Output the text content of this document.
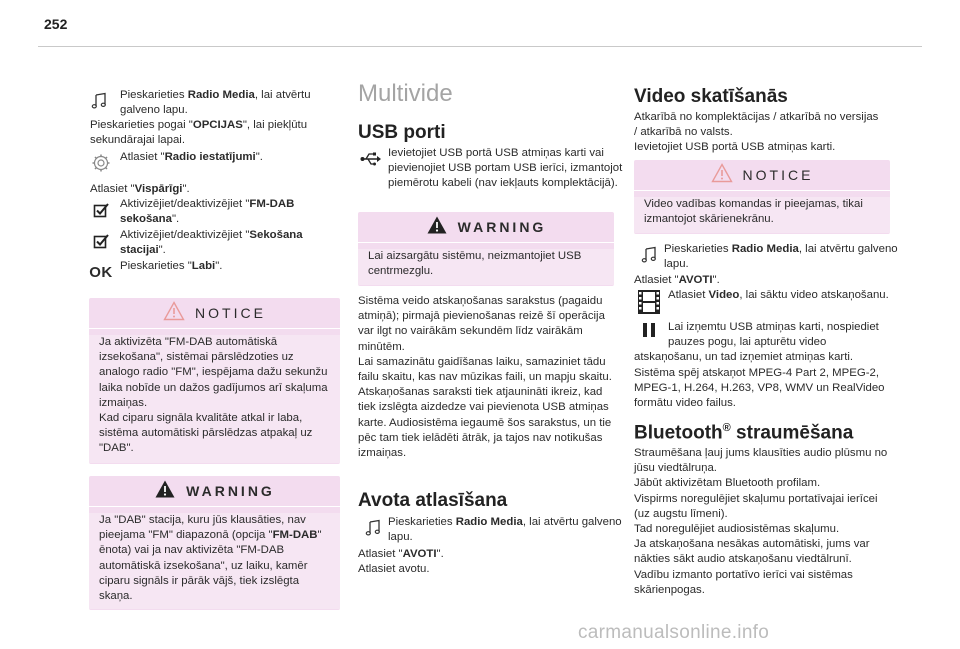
252
Pieskarieties Radio Media, lai atvērtu galveno lapu.

Pieskarieties pogai "OPCIJAS", lai piekļūtu sekundārajai lapai.

Atlasiet "Radio iestatījumi".

Atlasiet "Vispārīgi".

Aktivizējiet/deaktivizējiet "FM-DAB sekošana".
Aktivizējiet/deaktivizējiet "Sekošana stacijai".
OK Pieskarieties "Labi".
NOTICE

Ja aktivizēta "FM-DAB automātiskā izsekošana", sistēmai pārslēdzoties uz analogo radio "FM", iespējama dažu sekunžu laika nobīde un dažos gadījumos arī skaļuma izmaiņas.

Kad ciparu signāla kvalitāte atkal ir laba, sistēma automātiski pārslēdzas atpakaļ uz "DAB".

WARNING

Ja "DAB" stacija, kuru jūs klausāties, nav pieejama "FM" diapazonā (opcija "FM-DAB" ēnota) vai ja nav aktivizēta "FM-DAB automātiskā izsekošana", uz laiku, kamēr ciparu signāls ir pārāk vājš, tiek izslēgta skaņa.

Multivide
USB porti
Ievietojiet USB portā USB atmiņas karti vai pievienojiet USB portam USB ierīci, izmantojot piemērotu kabeli (nav iekļauts komplektācijā).
WARNING

Lai aizsargātu sistēmu, neizmantojiet USB centrmezglu.

Sistēma veido atskaņošanas sarakstus (pagaidu atmiņā); pirmajā pievienošanas reizē šī operācija var ilgt no vairākām sekundēm līdz vairākām minūtēm.

Lai samazinātu gaidīšanas laiku, samaziniet tādu failu skaitu, kas nav mūzikas faili, un mapju skaitu.

Atskaņošanas saraksti tiek atjaunināti ikreiz, kad tiek izslēgta aizdedze vai pievienota USB atmiņas karte. Audiosistēma iegaumē šos sarakstus, un tie pēc tam tiek ielādēti ātrāk, ja tajos nav notikušas izmaiņas.

Avota atlasīšana
Pieskarieties Radio Media, lai atvērtu galveno lapu.

Atlasiet "AVOTI".
Atlasiet avotu.

Video skatīšanās

Atkarībā no komplektācijas / atkarībā no versijas / atkarībā no valsts.

Ievietojiet USB portā USB atmiņas karti.

NOTICE

Video vadības komandas ir pieejamas, tikai izmantojot skārienekrānu.

Pieskarieties Radio Media, lai atvērtu galveno lapu.

Atlasiet "AVOTI".

Atlasiet Video, lai sāktu video atskaņošanu.
Lai izņemtu USB atmiņas karti, nospiediet pauzes pogu, lai apturētu video atskaņošanu, un tad izņemiet atmiņas karti.

Sistēma spēj atskaņot MPEG-4 Part 2, MPEG-2, MPEG-1, H.264, H.263, VP8, WMV un RealVideo formātu video failus.

Bluetooth® straumēšana

Straumēšana ļauj jums klausīties audio plūsmu no jūsu viedtālruņa.

Jābūt aktivizētam Bluetooth profilam.

Vispirms noregulējiet skaļumu portatīvajai ierīcei (uz augstu līmeni).

Tad noregulējiet audiosistēmas skaļumu.

Ja atskaņošana nesākas automātiski, jums var nākties sākt audio atskaņošanu viedtālrunī.

Vadību izmanto portatīvo ierīci vai sistēmas skārienpogas.

carmanualsonline.info
